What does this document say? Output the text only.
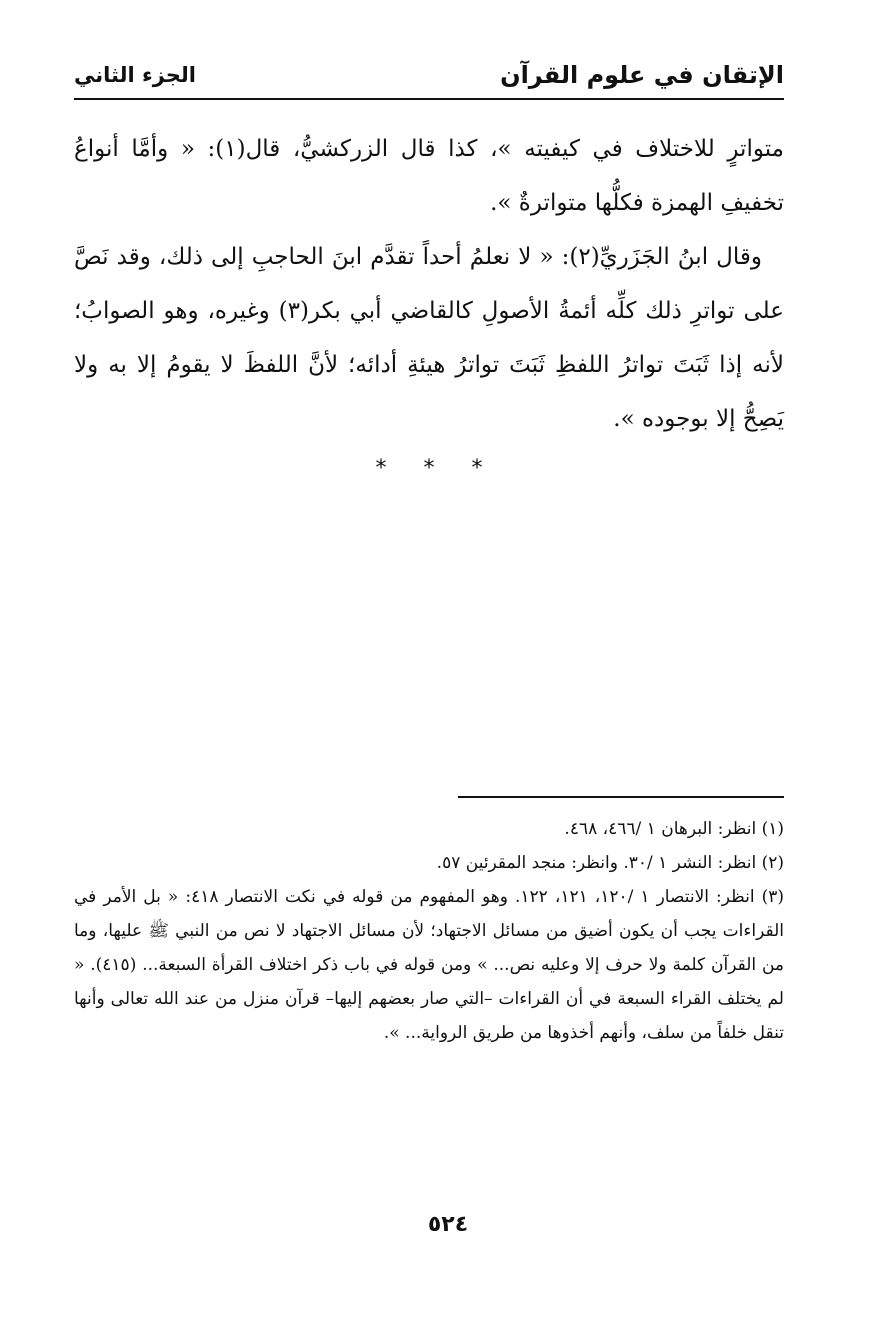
الإتقان في علوم القرآن
الجزء الثاني

متواترٍ للاختلاف في كيفيته »، كذا قال الزركشيُّ، قال(١): « وأمَّا أنواعُ تخفيفِ الهمزة فكلُّها متواترةٌ ».

وقال ابنُ الجَزَريِّ(٢): « لا نعلمُ أحداً تقدَّم ابنَ الحاجبِ إلى ذلك، وقد نَصَّ على تواترِ ذلك كلِّه أئمةُ الأصولِ كالقاضي أبي بكر(٣) وغيره، وهو الصوابُ؛ لأنه إذا ثَبَتَ تواترُ اللفظِ ثَبَتَ تواترُ هيئةِ أدائه؛ لأنَّ اللفظَ لا يقومُ إلا به ولا يَصِحُّ إلا بوجوده ».

* * *

(١) انظر: البرهان ١ /٤٦٦، ٤٦٨.

(٢) انظر: النشر ١ /٣٠. وانظر: منجد المقرئين ٥٧.

(٣) انظر: الانتصار ١ /١٢٠، ١٢١، ١٢٢. وهو المفهوم من قوله في نكت الانتصار ٤١٨: « بل الأمر في القراءات يجب أن يكون أضيق من مسائل الاجتهاد؛ لأن مسائل الاجتهاد لا نص من النبي ﷺ عليها، وما من القرآن كلمة ولا حرف إلا وعليه نص... » ومن قوله في باب ذكر اختلاف القرأة السبعة... (٤١٥). « لم يختلف القراء السبعة في أن القراءات –التي صار بعضهم إليها– قرآن منزل من عند الله تعالى وأنها تنقل خلفاً من سلف، وأنهم أخذوها من طريق الرواية... ».

٥٢٤
